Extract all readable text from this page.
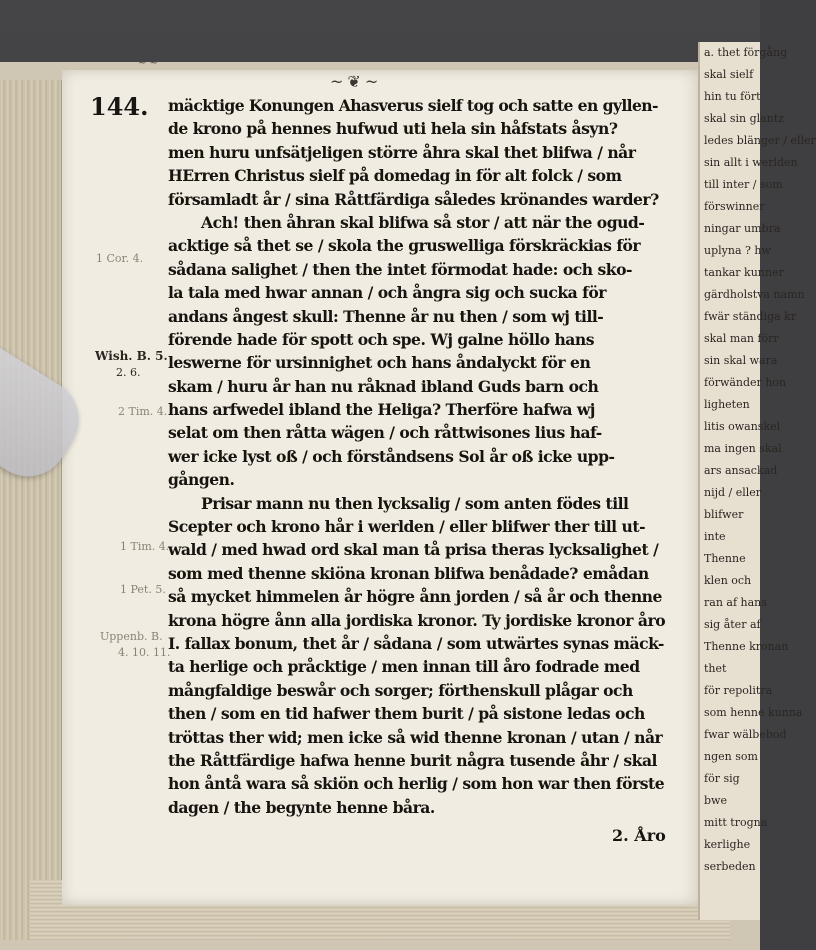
a. thet förgång
skal sielf
hin tu fört
skal sin glantz
ledes blänger / eller
sin allt i werlden
till inter / som
förswinner
ningar umbra
uplyna ? hw
tankar kunner
gärdholstva namn
fwär ständiga kr
skal man förr
sin skal wara
förwänder hon
ligheten
litis owanskel
ma ingen skal
ars ansackad
nijd / eller
blifwer
inte
Thenne
klen och
ran af hans
sig åter af
Thenne kronan
thet
för repolitra
som henne kunna
fwar wälbebod
ngen som
för sig
bwe
mitt trogna
kerlighe
serbeden
~ ~
~❦~
144. mäcktige Konungen Ahasverus sielf tog och satte en gyllen-
de krono på hennes hufwud uti hela sin håfstats åsyn?
men huru unfsätjeligen större åhra skal thet blifwa / når
HErren Christus sielf på domedag in för alt folck / som
församladt år / sina Råttfärdiga således krönandes warder?
Ach! then åhran skal blifwa så stor / att när the ogud-
acktige så thet se / skola the gruswelliga förskräckias för
sådana salighet / then the intet förmodat hade: och sko-
la tala med hwar annan / och ångra sig och sucka för
andans ångest skull: Thenne år nu then / som wj till-
förende hade för spott och spe. Wj galne höllo hans
leswerne för ursinnighet och hans åndalyckt för en
skam / huru år han nu råknad ibland Guds barn och
hans arfwedel ibland the Heliga? Therföre hafwa wj
selat om then råtta wägen / och råttwisones lius haf-
wer icke lyst oß / och förståndsens Sol år oß icke upp-
gången.
Prisar mann nu then lycksalig / som anten födes till
Scepter och krono hår i werlden / eller blifwer ther till ut-
wald / med hwad ord skal man tå prisa theras lycksalighet /
som med thenne skiöna kronan blifwa benådade? emådan
så mycket himmelen år högre ånn jorden / så år och thenne
krona högre ånn alla jordiska kronor. Ty jordiske kronor åro
I. fallax bonum, thet år / sådana / som utwärtes synas mäck-
ta herlige och pråcktige / men innan till åro fodrade med
mångfaldige beswår och sorger; förthenskull plågar och
then / som en tid hafwer them burit / på sistone ledas och
tröttas ther wid; men icke så wid thenne kronan / utan / når
the Råttfärdige hafwa henne burit några tusende åhr / skal
hon åntå wara så skiön och herlig / som hon war then förste
dagen / the begynte henne båra.
2. Åro
1 Cor. 4.
Wish. B. 5.
2. 6.
2 Tim. 4.
1 Tim. 4.
1 Pet. 5.
Uppenb. B.
4. 10. 11.
